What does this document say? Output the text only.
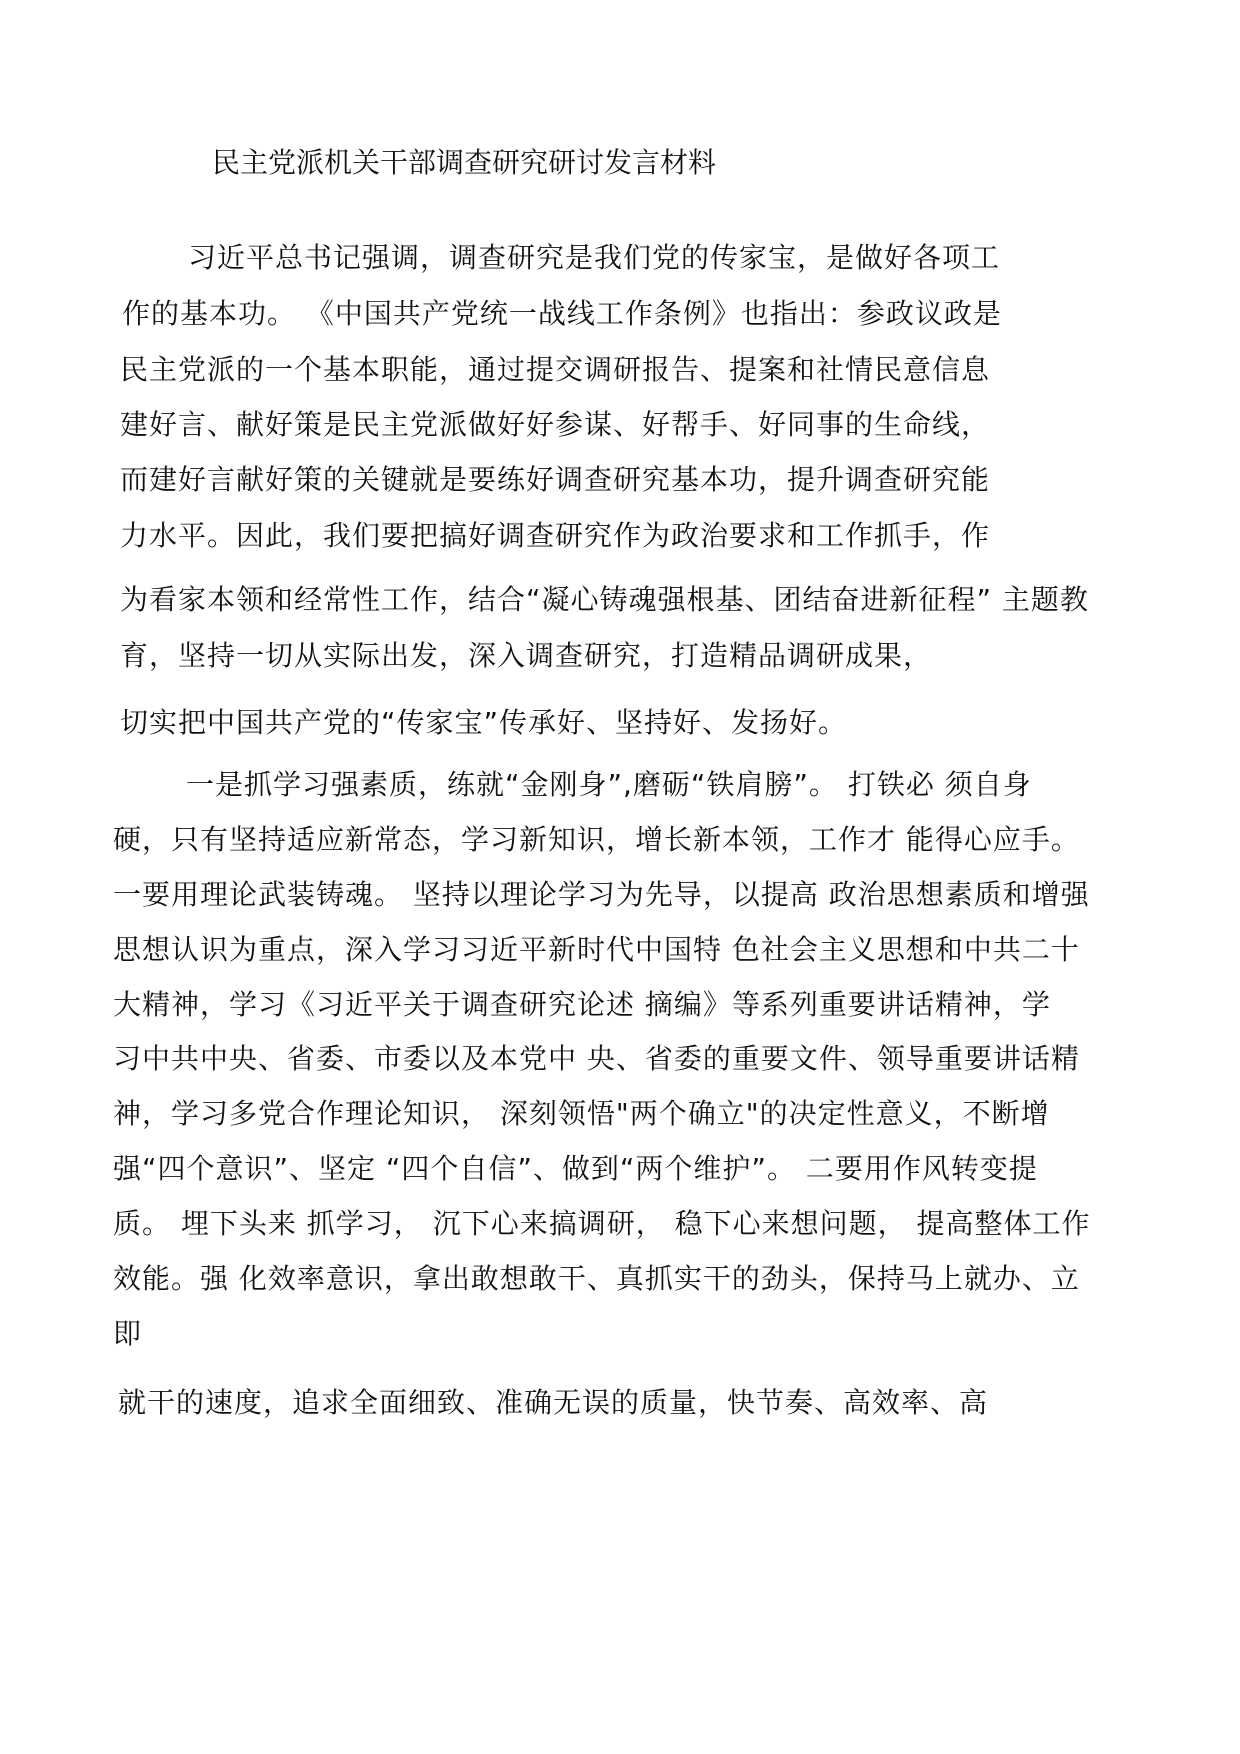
民主党派机关干部调查研究研讨发言材料
习近平总书记强调，调查研究是我们党的传家宝，是做好各项工
作的基本功。 《中国共产党统一战线工作条例》也指出：参政议政是
民主党派的一个基本职能，通过提交调研报告、提案和社情民意信息
建好言、献好策是民主党派做好好参谋、好帮手、好同事的生命线，
而建好言献好策的关键就是要练好调查研究基本功，提升调查研究能
力水平。因此，我们要把搞好调查研究作为政治要求和工作抓手，作
为看家本领和经常性工作，结合“凝心铸魂强根基、团结奋进新征程” 主题教
育，坚持一切从实际出发，深入调查研究，打造精品调研成果，
切实把中国共产党的“传家宝”传承好、坚持好、发扬好。
一是抓学习强素质，练就“金刚身”,磨砺“铁肩膀”。 打铁必 须自身
硬，只有坚持适应新常态，学习新知识，增长新本领，工作才 能得心应手。
一要用理论武装铸魂。 坚持以理论学习为先导，以提高 政治思想素质和增强
思想认识为重点，深入学习习近平新时代中国特 色社会主义思想和中共二十
大精神，学习《习近平关于调查研究论述 摘编》等系列重要讲话精神，学
习中共中央、省委、市委以及本党中 央、省委的重要文件、领导重要讲话精
神，学习多党合作理论知识， 深刻领悟"两个确立"的决定性意义，不断增
强“四个意识”、坚定 “四个自信”、做到“两个维护”。 二要用作风转变提
质。 埋下头来 抓学习， 沉下心来搞调研， 稳下心来想问题， 提高整体工作
效能。强 化效率意识，拿出敢想敢干、真抓实干的劲头，保持马上就办、立
即
就干的速度，追求全面细致、准确无误的质量，快节奏、高效率、高
